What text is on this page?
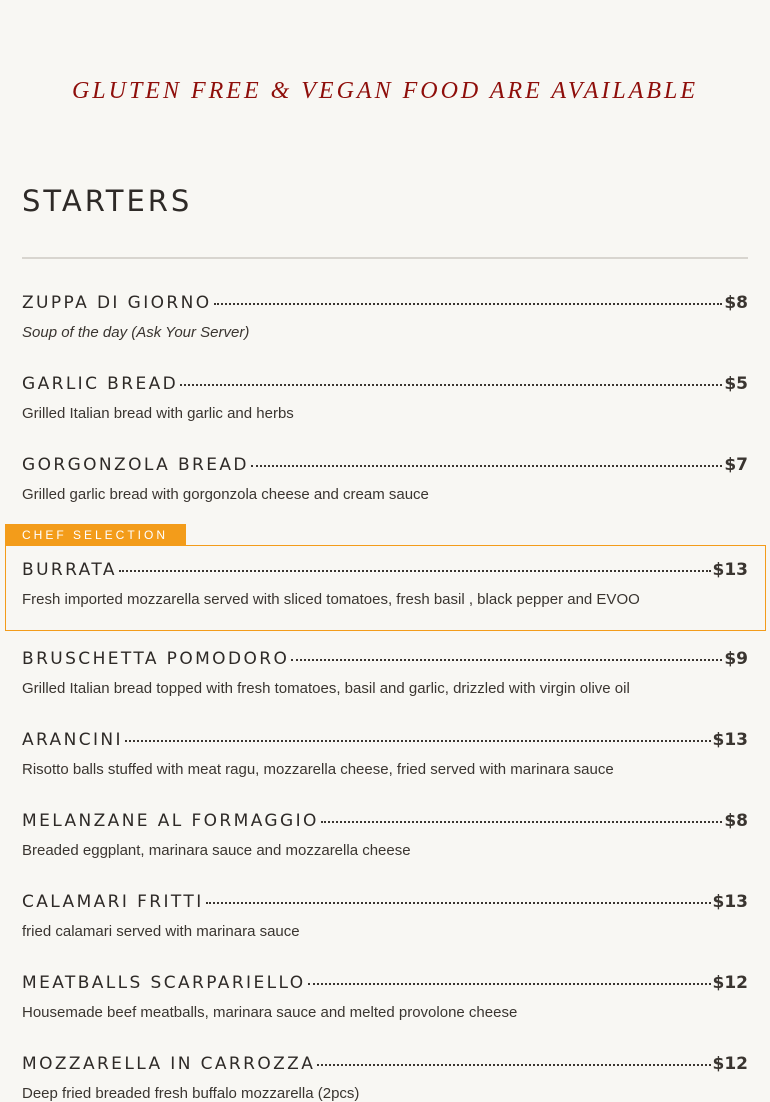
GLUTEN FREE & VEGAN FOOD ARE AVAILABLE
STARTERS
ZUPPA DI GIORNO	$8
Soup of the day (Ask Your Server)
GARLIC BREAD	$5
Grilled Italian bread with garlic and herbs
GORGONZOLA BREAD	$7
Grilled garlic bread with gorgonzola cheese and cream sauce
CHEF SELECTION
BURRATA	$13
Fresh imported mozzarella served with sliced tomatoes, fresh basil , black pepper and EVOO
BRUSCHETTA POMODORO	$9
Grilled Italian bread topped with fresh tomatoes, basil and garlic, drizzled with virgin olive oil
ARANCINI	$13
Risotto balls stuffed with meat ragu, mozzarella cheese, fried served with marinara sauce
MELANZANE AL FORMAGGIO	$8
Breaded eggplant, marinara sauce and mozzarella cheese
CALAMARI FRITTI	$13
fried calamari served with marinara sauce
MEATBALLS SCARPARIELLO	$12
Housemade beef meatballs, marinara sauce and melted provolone cheese
MOZZARELLA IN CARROZZA	$12
Deep fried breaded fresh buffalo mozzarella (2pcs)
